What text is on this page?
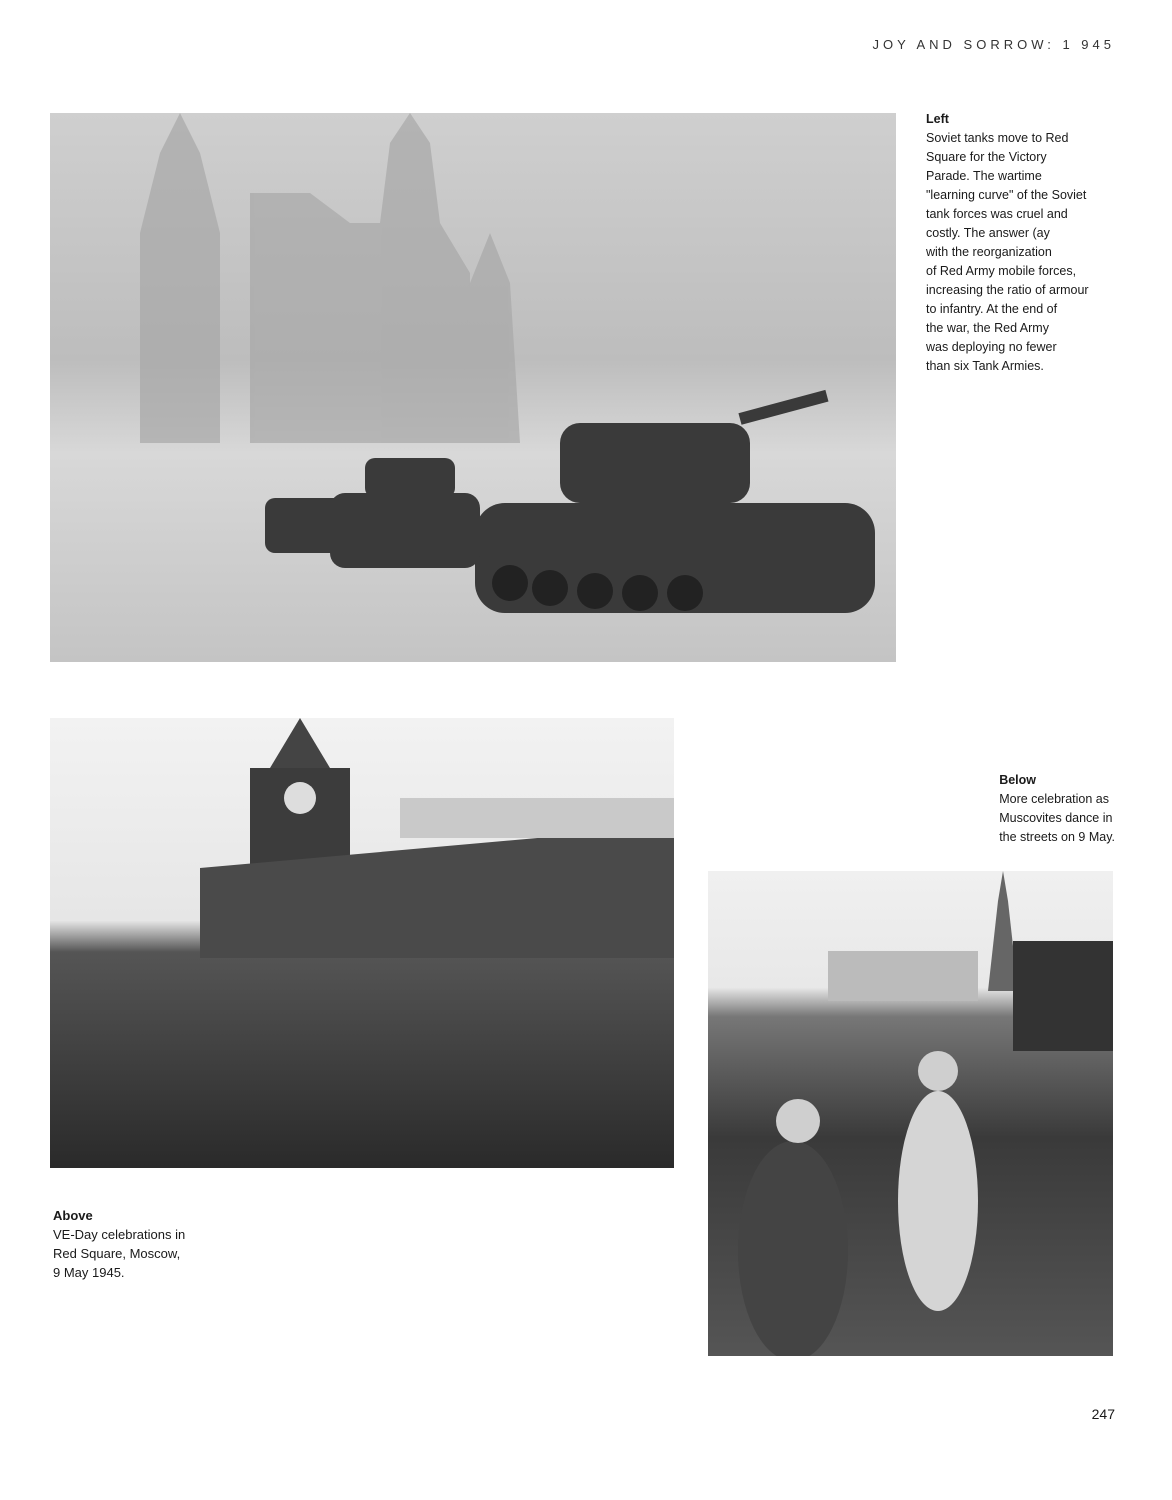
JOY AND SORROW: 1 945
Left
Soviet tanks move to Red
Square for the Victory
Parade. The wartime
"learning curve" of the Soviet
tank forces was cruel and
costly. The answer (ay
with the reorganization
of Red Army mobile forces,
increasing the ratio of armour
to infantry. At the end of
the war, the Red Army
was deploying no fewer
than six Tank Armies.
Below
More celebration as
Muscovites dance in
the streets on 9 May.
Above
VE-Day celebrations in
Red Square, Moscow,
9 May 1945.
247
